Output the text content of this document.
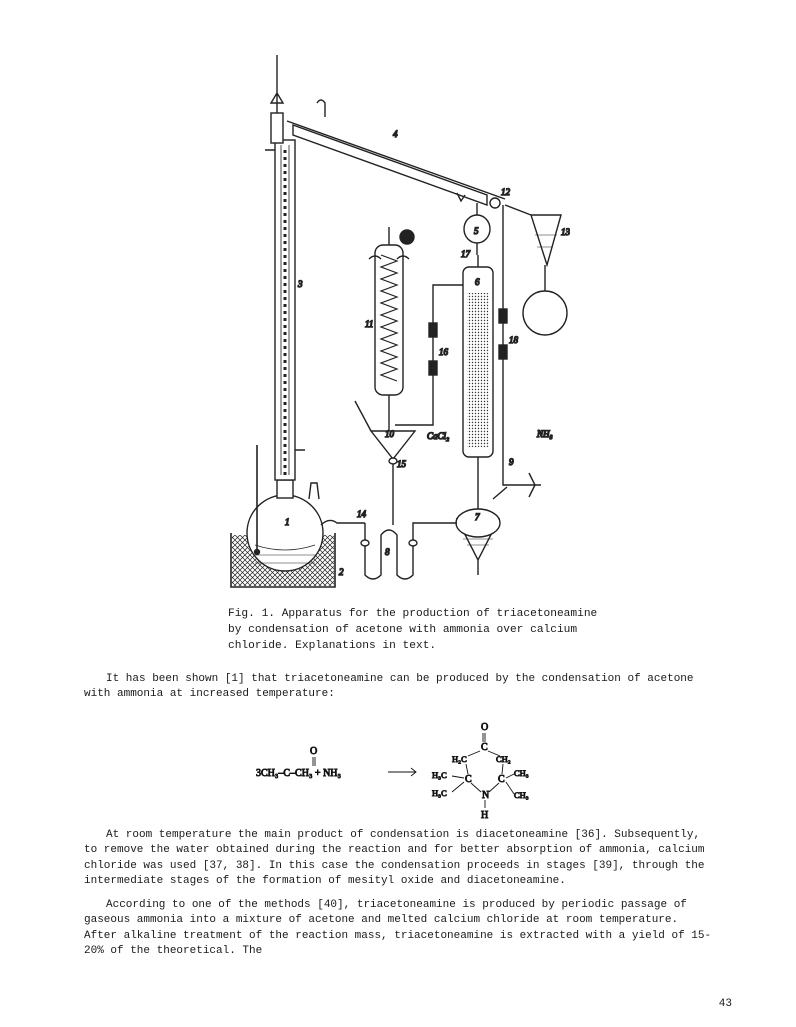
1
2
3
4
5
6
7
8
9
10
11
12
13
14
15
16
17
18
CaCl₂	NH₃
Fig. 1. Apparatus for the production of triacetoneamine by condensation of acetone with ammonia over calcium chloride. Explanations in text.

It has been shown [1] that triacetoneamine can be produced by the condensation of acetone with ammonia at increased temperature:

3CH₃–C–CH₃ + NH₃
O
O
C
H₂C	CH₂
C	C
H₃C
H₃C
CH₃
CH₃
N
H

At room temperature the main product of condensation is diacetoneamine [36]. Subsequently, to remove the water obtained during the reaction and for better absorption of ammonia, calcium chloride was used [37, 38]. In this case the condensation proceeds in stages [39], through the intermediate stages of the formation of mesityl oxide and diacetoneamine.

According to one of the methods [40], triacetoneamine is produced by periodic passage of gaseous ammonia into a mixture of acetone and melted calcium chloride at room temperature. After alkaline treatment of the reaction mass, triacetoneamine is extracted with a yield of 15-20% of the theoretical. The

43
